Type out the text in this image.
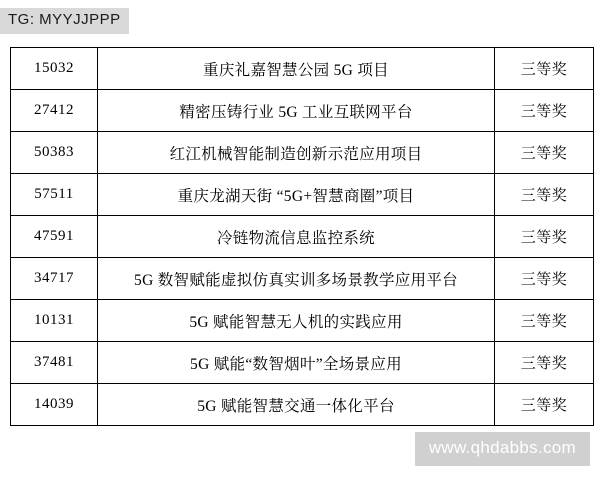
TG: MYYJJPPP
15032	重庆礼嘉智慧公园 5G 项目	三等奖
27412	精密压铸行业 5G 工业互联网平台	三等奖
50383	红江机械智能制造创新示范应用项目	三等奖
57511	重庆龙湖天街 “5G+智慧商圈”项目	三等奖
47591	冷链物流信息监控系统	三等奖
34717	5G 数智赋能虚拟仿真实训多场景教学应用平台	三等奖
10131	5G 赋能智慧无人机的实践应用	三等奖
37481	5G 赋能“数智烟叶”全场景应用	三等奖
14039	5G 赋能智慧交通一体化平台	三等奖
www.qhdabbs.com
